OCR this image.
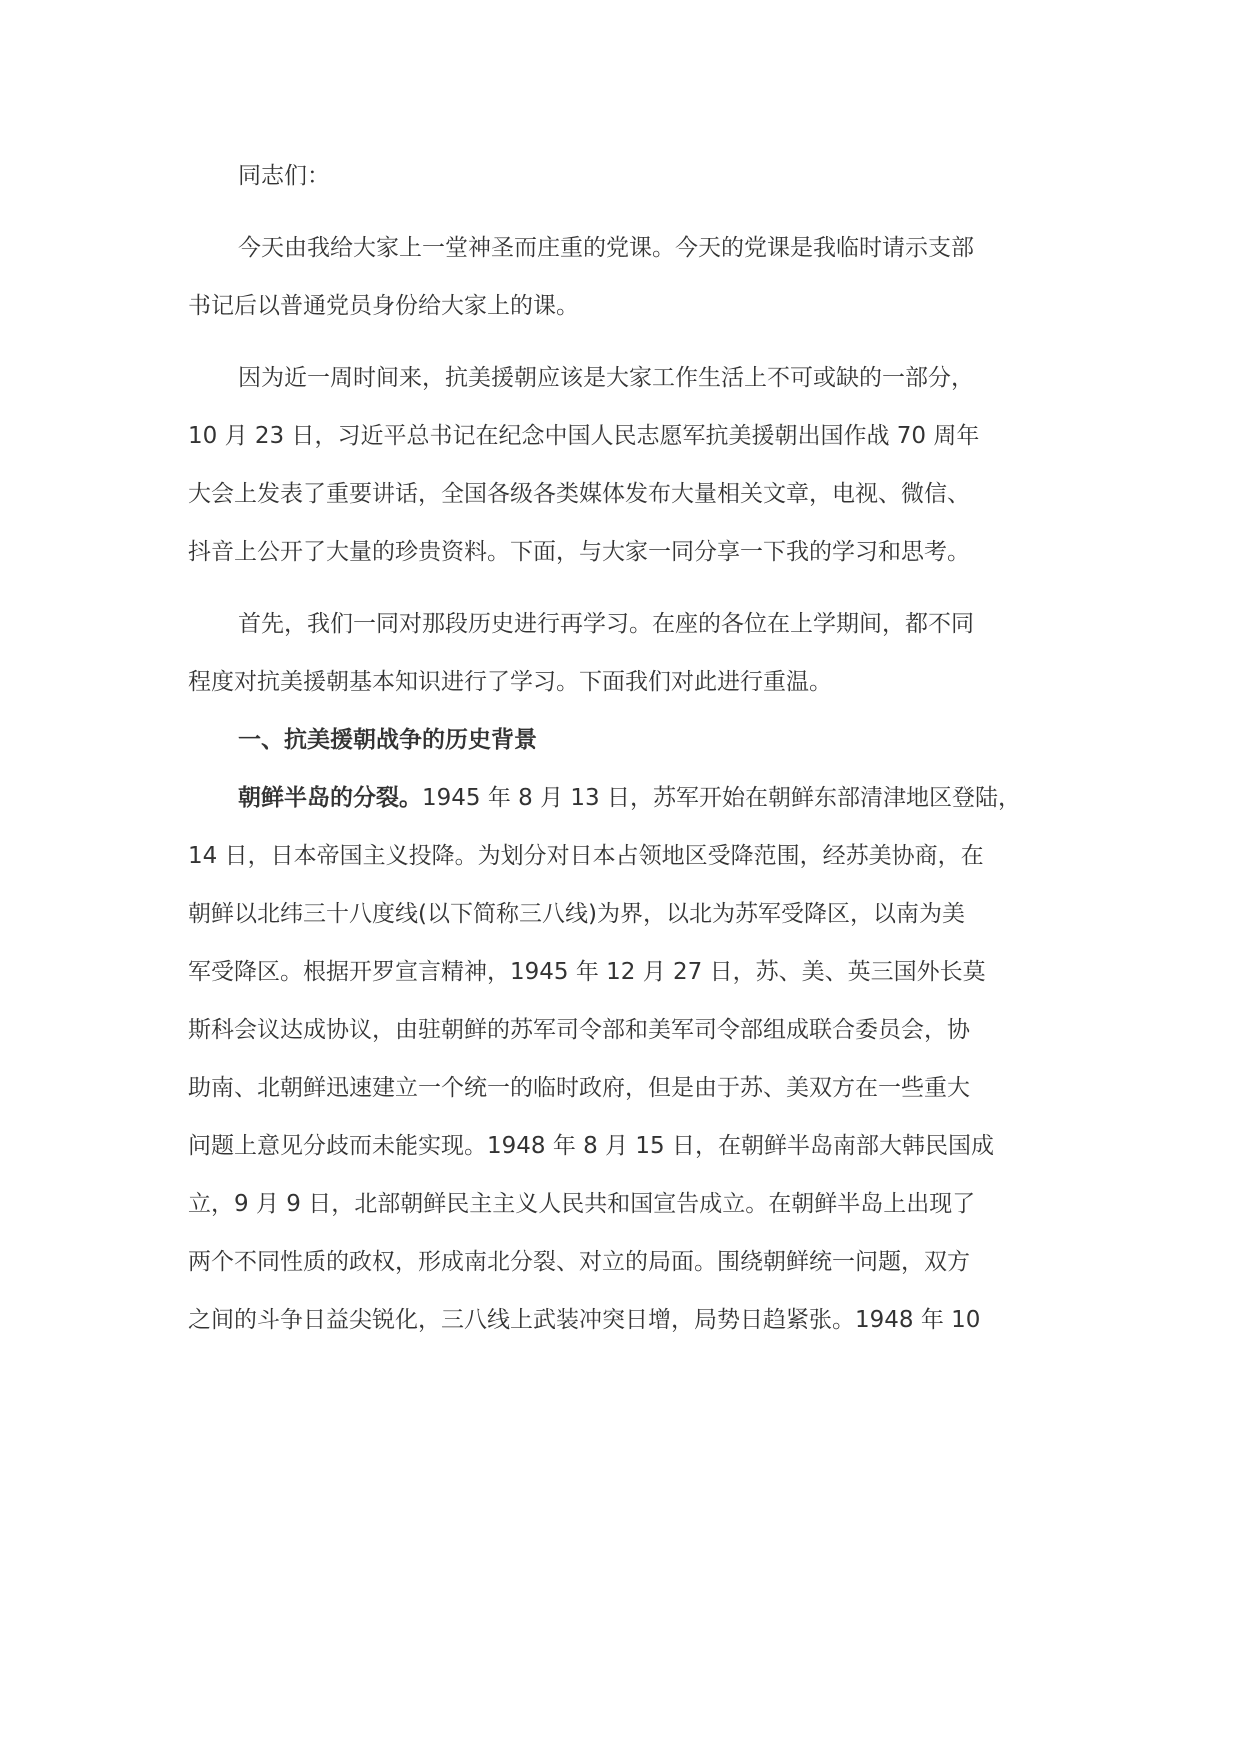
同志们：
今天由我给大家上一堂神圣而庄重的党课。今天的党课是我临时请示支部
书记后以普通党员身份给大家上的课。
因为近一周时间来，抗美援朝应该是大家工作生活上不可或缺的一部分，
10 月 23 日，习近平总书记在纪念中国人民志愿军抗美援朝出国作战 70 周年
大会上发表了重要讲话，全国各级各类媒体发布大量相关文章，电视、微信、
抖音上公开了大量的珍贵资料。下面，与大家一同分享一下我的学习和思考。
首先，我们一同对那段历史进行再学习。在座的各位在上学期间，都不同
程度对抗美援朝基本知识进行了学习。下面我们对此进行重温。
一、抗美援朝战争的历史背景
朝鲜半岛的分裂。1945 年 8 月 13 日，苏军开始在朝鲜东部清津地区登陆，
14 日，日本帝国主义投降。为划分对日本占领地区受降范围，经苏美协商，在
朝鲜以北纬三十八度线(以下简称三八线)为界，以北为苏军受降区，以南为美
军受降区。根据开罗宣言精神，1945 年 12 月 27 日，苏、美、英三国外长莫
斯科会议达成协议，由驻朝鲜的苏军司令部和美军司令部组成联合委员会，协
助南、北朝鲜迅速建立一个统一的临时政府，但是由于苏、美双方在一些重大
问题上意见分歧而未能实现。1948 年 8 月 15 日，在朝鲜半岛南部大韩民国成
立，9 月 9 日，北部朝鲜民主主义人民共和国宣告成立。在朝鲜半岛上出现了
两个不同性质的政权，形成南北分裂、对立的局面。围绕朝鲜统一问题，双方
之间的斗争日益尖锐化，三八线上武装冲突日增，局势日趋紧张。1948 年 10
